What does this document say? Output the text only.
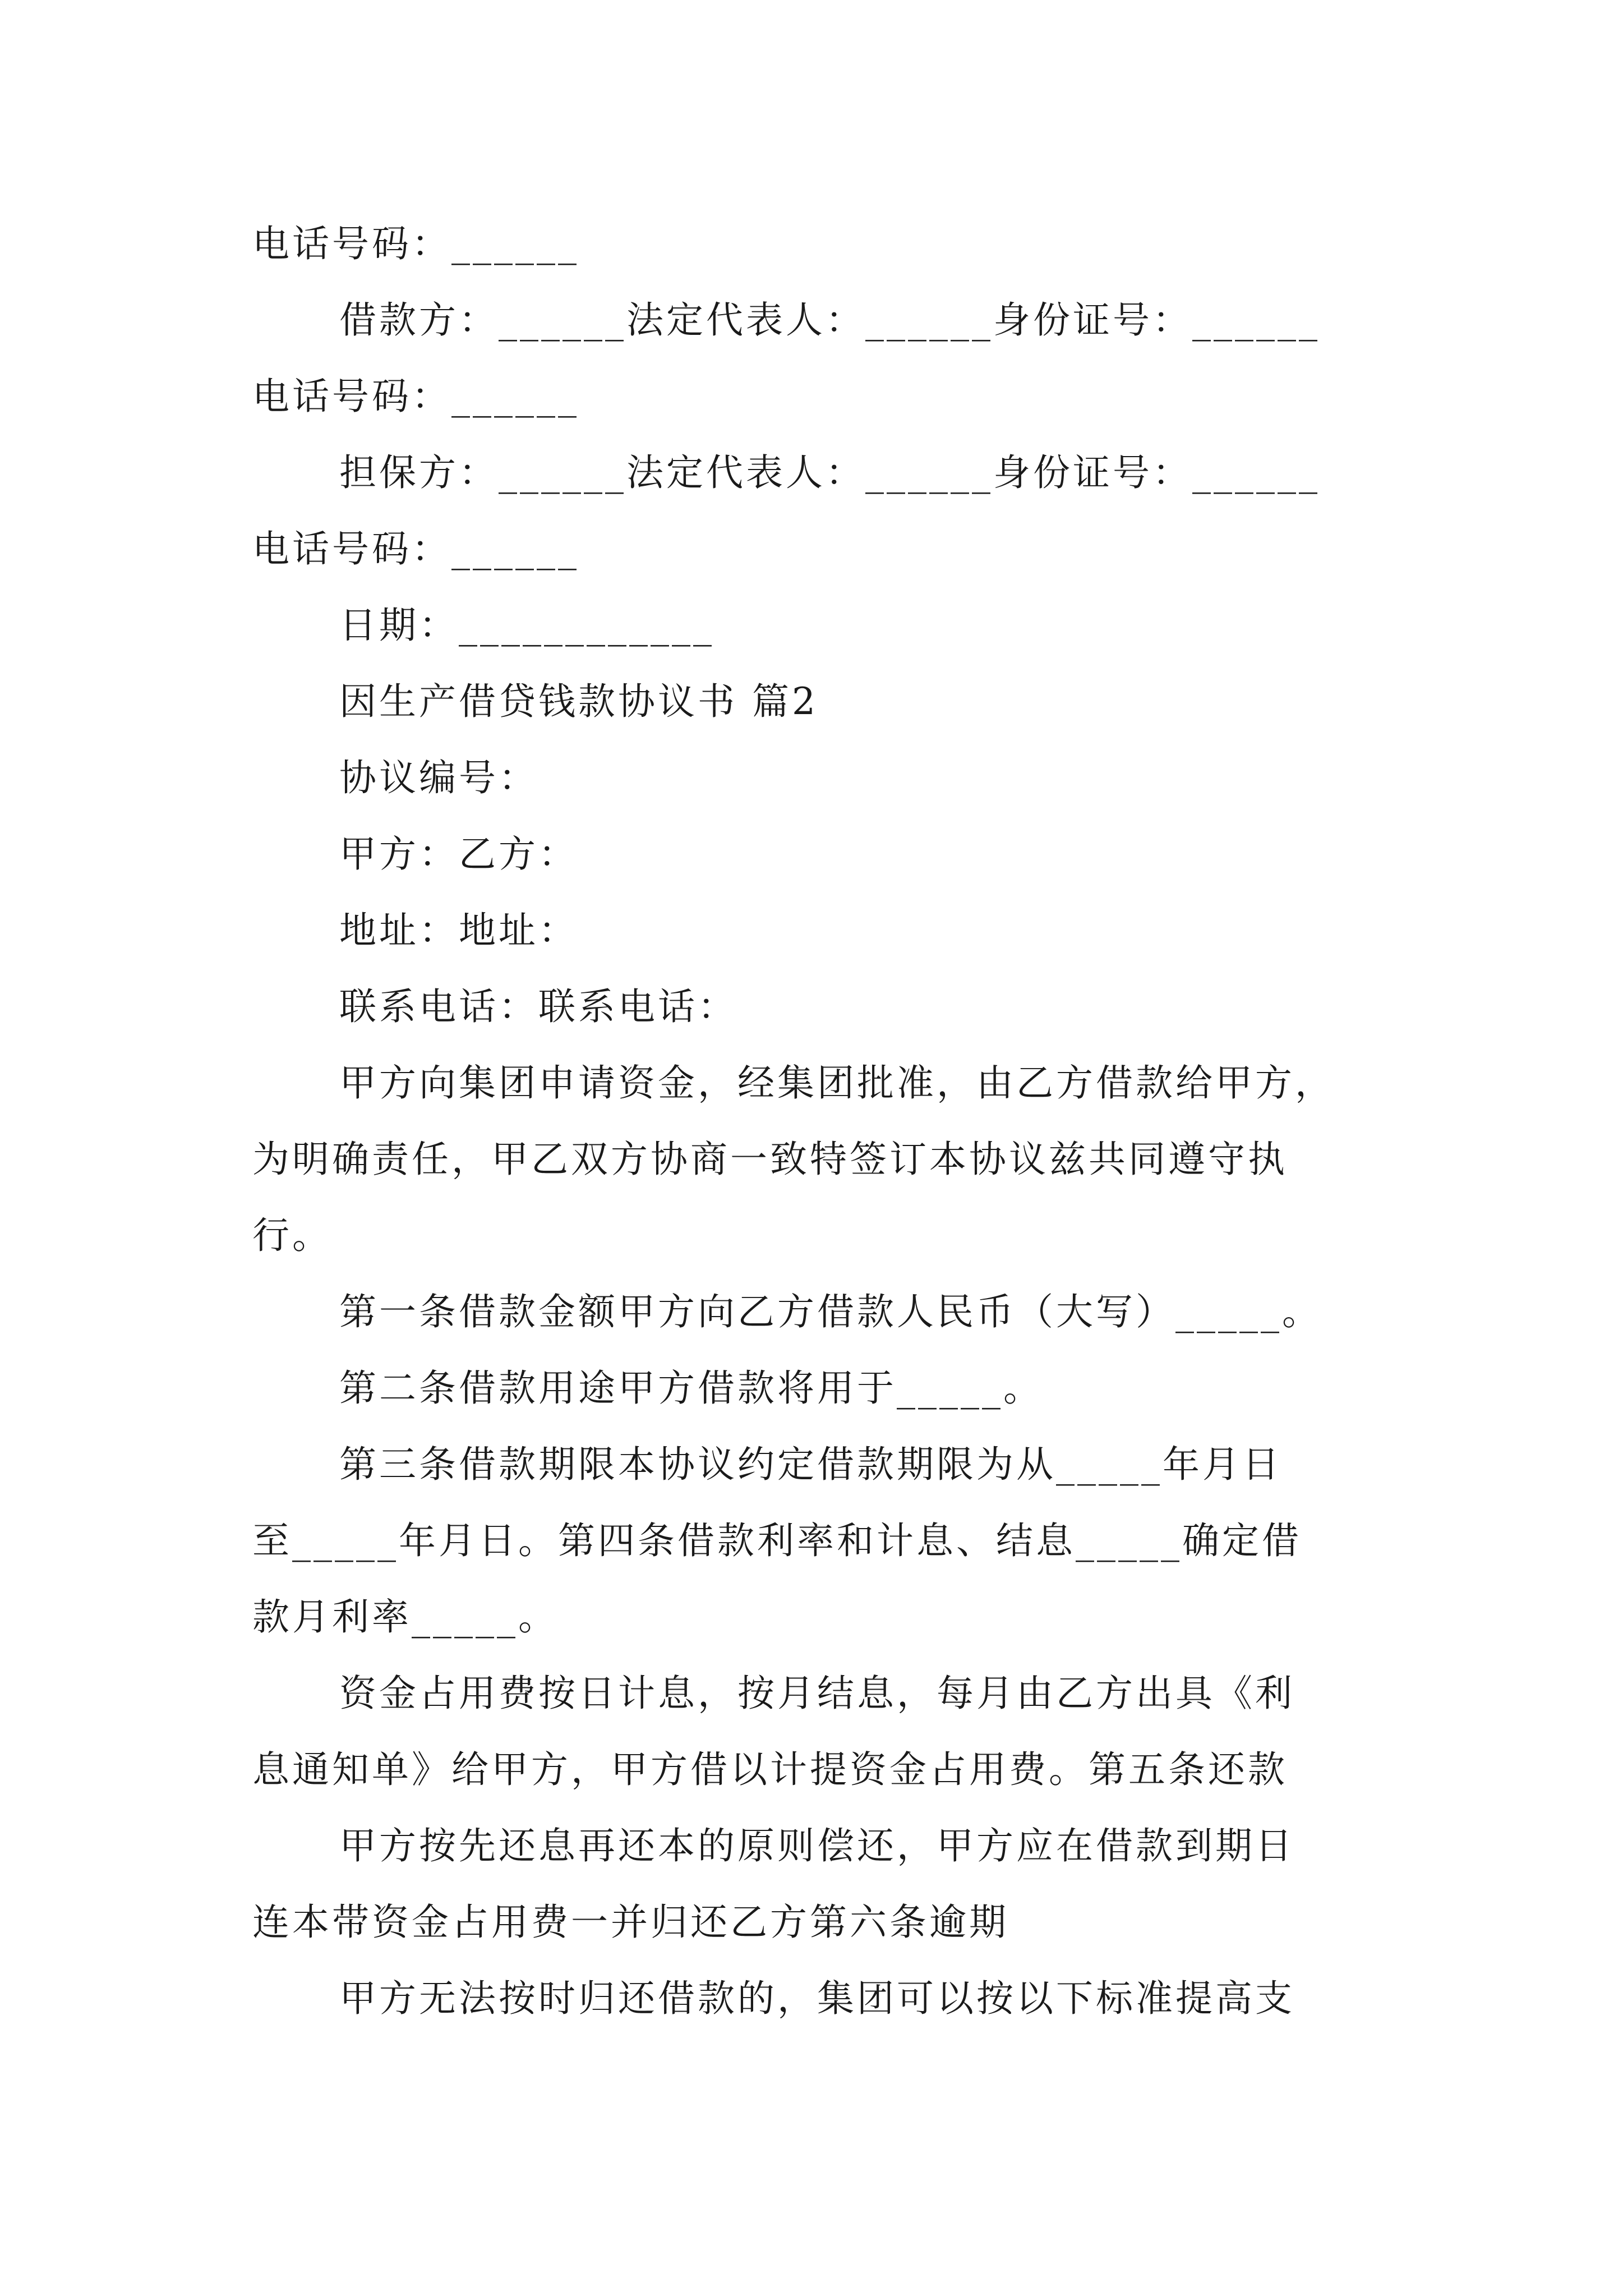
电话号码：______
借款方：______法定代表人：______身份证号：______
电话号码：______
担保方：______法定代表人：______身份证号：______
电话号码：______
日期：____________
因生产借贷钱款协议书 篇2
协议编号：
甲方：乙方：
地址：地址：
联系电话：联系电话：
甲方向集团申请资金，经集团批准，由乙方借款给甲方，
为明确责任，甲乙双方协商一致特签订本协议兹共同遵守执
行。
第一条借款金额甲方向乙方借款人民币（大写）_____。
第二条借款用途甲方借款将用于_____。
第三条借款期限本协议约定借款期限为从_____年月日
至_____年月日。第四条借款利率和计息、结息_____确定借
款月利率_____。
资金占用费按日计息，按月结息，每月由乙方出具《利
息通知单》给甲方，甲方借以计提资金占用费。第五条还款
甲方按先还息再还本的原则偿还，甲方应在借款到期日
连本带资金占用费一并归还乙方第六条逾期
甲方无法按时归还借款的，集团可以按以下标准提高支
